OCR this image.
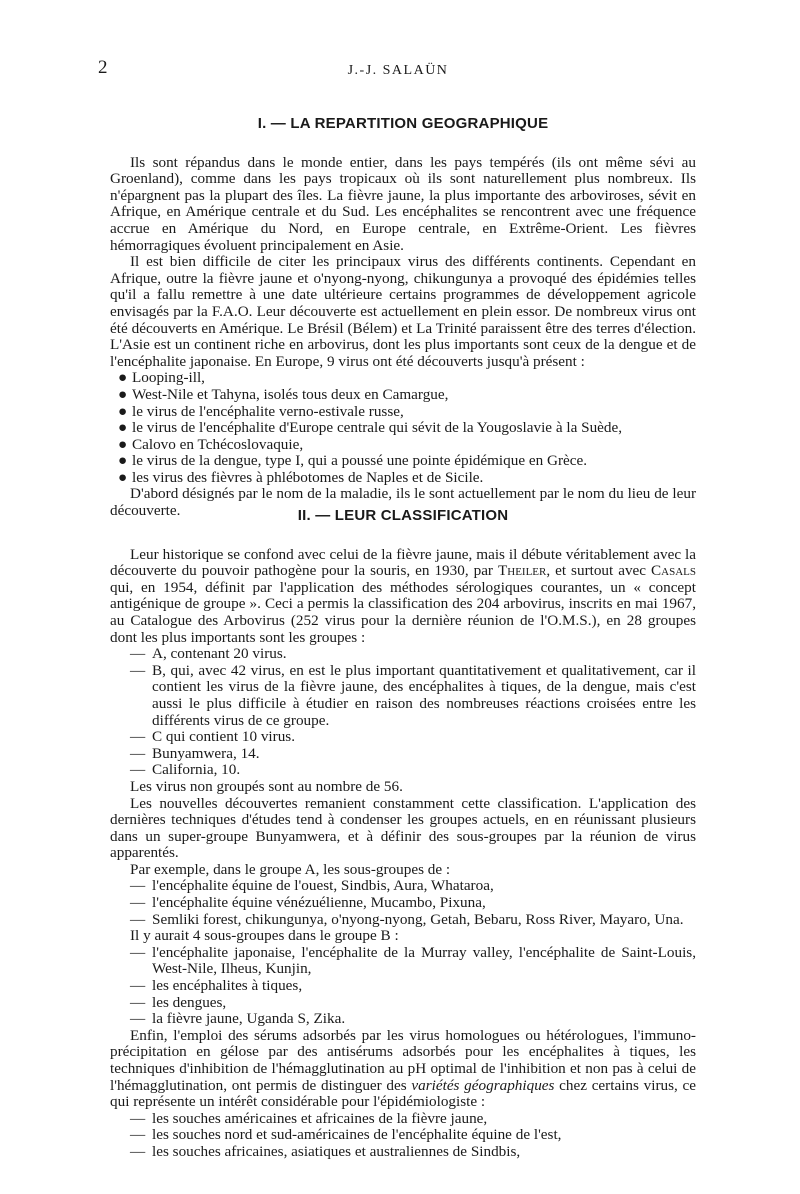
2	J.-J. SALAÜN
I. — LA REPARTITION GEOGRAPHIQUE

Ils sont répandus dans le monde entier, dans les pays tempérés (ils ont même sévi au Groenland), comme dans les pays tropicaux où ils sont naturellement plus nombreux. Ils n'épargnent pas la plupart des îles. La fièvre jaune, la plus importante des arboviroses, sévit en Afrique, en Amérique centrale et du Sud. Les encéphalites se rencontrent avec une fréquence accrue en Amérique du Nord, en Europe centrale, en Extrême-Orient. Les fièvres hémorragiques évoluent principalement en Asie.

Il est bien difficile de citer les principaux virus des différents continents. Cependant en Afrique, outre la fièvre jaune et o'nyong-nyong, chikungunya a provoqué des épidémies telles qu'il a fallu remettre à une date ultérieure certains programmes de développement agricole envisagés par la F.A.O. Leur découverte est actuellement en plein essor. De nombreux virus ont été découverts en Amérique. Le Brésil (Bélem) et La Trinité paraissent être des terres d'élection. L'Asie est un continent riche en arbovirus, dont les plus importants sont ceux de la dengue et de l'encéphalite japonaise. En Europe, 9 virus ont été découverts jusqu'à présent :

● Looping-ill,
● West-Nile et Tahyna, isolés tous deux en Camargue,
● le virus de l'encéphalite verno-estivale russe,
● le virus de l'encéphalite d'Europe centrale qui sévit de la Yougoslavie à la Suède,
● Calovo en Tchécoslovaquie,
● le virus de la dengue, type I, qui a poussé une pointe épidémique en Grèce.
● les virus des fièvres à phlébotomes de Naples et de Sicile.

D'abord désignés par le nom de la maladie, ils le sont actuellement par le nom du lieu de leur découverte.	II. — LEUR CLASSIFICATION

Leur historique se confond avec celui de la fièvre jaune, mais il débute véritablement avec la découverte du pouvoir pathogène pour la souris, en 1930, par Theiler, et surtout avec Casals qui, en 1954, définit par l'application des méthodes sérologiques courantes, un « concept antigénique de groupe ». Ceci a permis la classification des 204 arbovirus, inscrits en mai 1967, au Catalogue des Arbovirus (252 virus pour la dernière réunion de l'O.M.S.), en 28 groupes dont les plus importants sont les groupes :

— A, contenant 20 virus.
— B, qui, avec 42 virus, en est le plus important quantitativement et qualitativement, car il contient les virus de la fièvre jaune, des encéphalites à tiques, de la dengue, mais c'est aussi le plus difficile à étudier en raison des nombreuses réactions croisées entre les différents virus de ce groupe.
— C qui contient 10 virus.
— Bunyamwera, 14.
— California, 10.

Les virus non groupés sont au nombre de 56.

Les nouvelles découvertes remanient constamment cette classification. L'application des dernières techniques d'études tend à condenser les groupes actuels, en en réunissant plusieurs dans un super-groupe Bunyamwera, et à définir des sous-groupes par la réunion de virus apparentés.

Par exemple, dans le groupe A, les sous-groupes de :

— l'encéphalite équine de l'ouest, Sindbis, Aura, Whataroa,
— l'encéphalite équine vénézuélienne, Mucambo, Pixuna,
— Semliki forest, chikungunya, o'nyong-nyong, Getah, Bebaru, Ross River, Mayaro, Una.

Il y aurait 4 sous-groupes dans le groupe B :

— l'encéphalite japonaise, l'encéphalite de la Murray valley, l'encéphalite de Saint-Louis, West-Nile, Ilheus, Kunjin,
— les encéphalites à tiques,
— les dengues,
— la fièvre jaune, Uganda S, Zika.

Enfin, l'emploi des sérums adsorbés par les virus homologues ou hétérologues, l'immuno-précipitation en gélose par des antisérums adsorbés pour les encéphalites à tiques, les techniques d'inhibition de l'hémagglutination au pH optimal de l'inhibition et non pas à celui de l'hémagglutination, ont permis de distinguer des variétés géographiques chez certains virus, ce qui représente un intérêt considérable pour l'épidémiologiste :

— les souches américaines et africaines de la fièvre jaune,
— les souches nord et sud-américaines de l'encéphalite équine de l'est,
— les souches africaines, asiatiques et australiennes de Sindbis,
